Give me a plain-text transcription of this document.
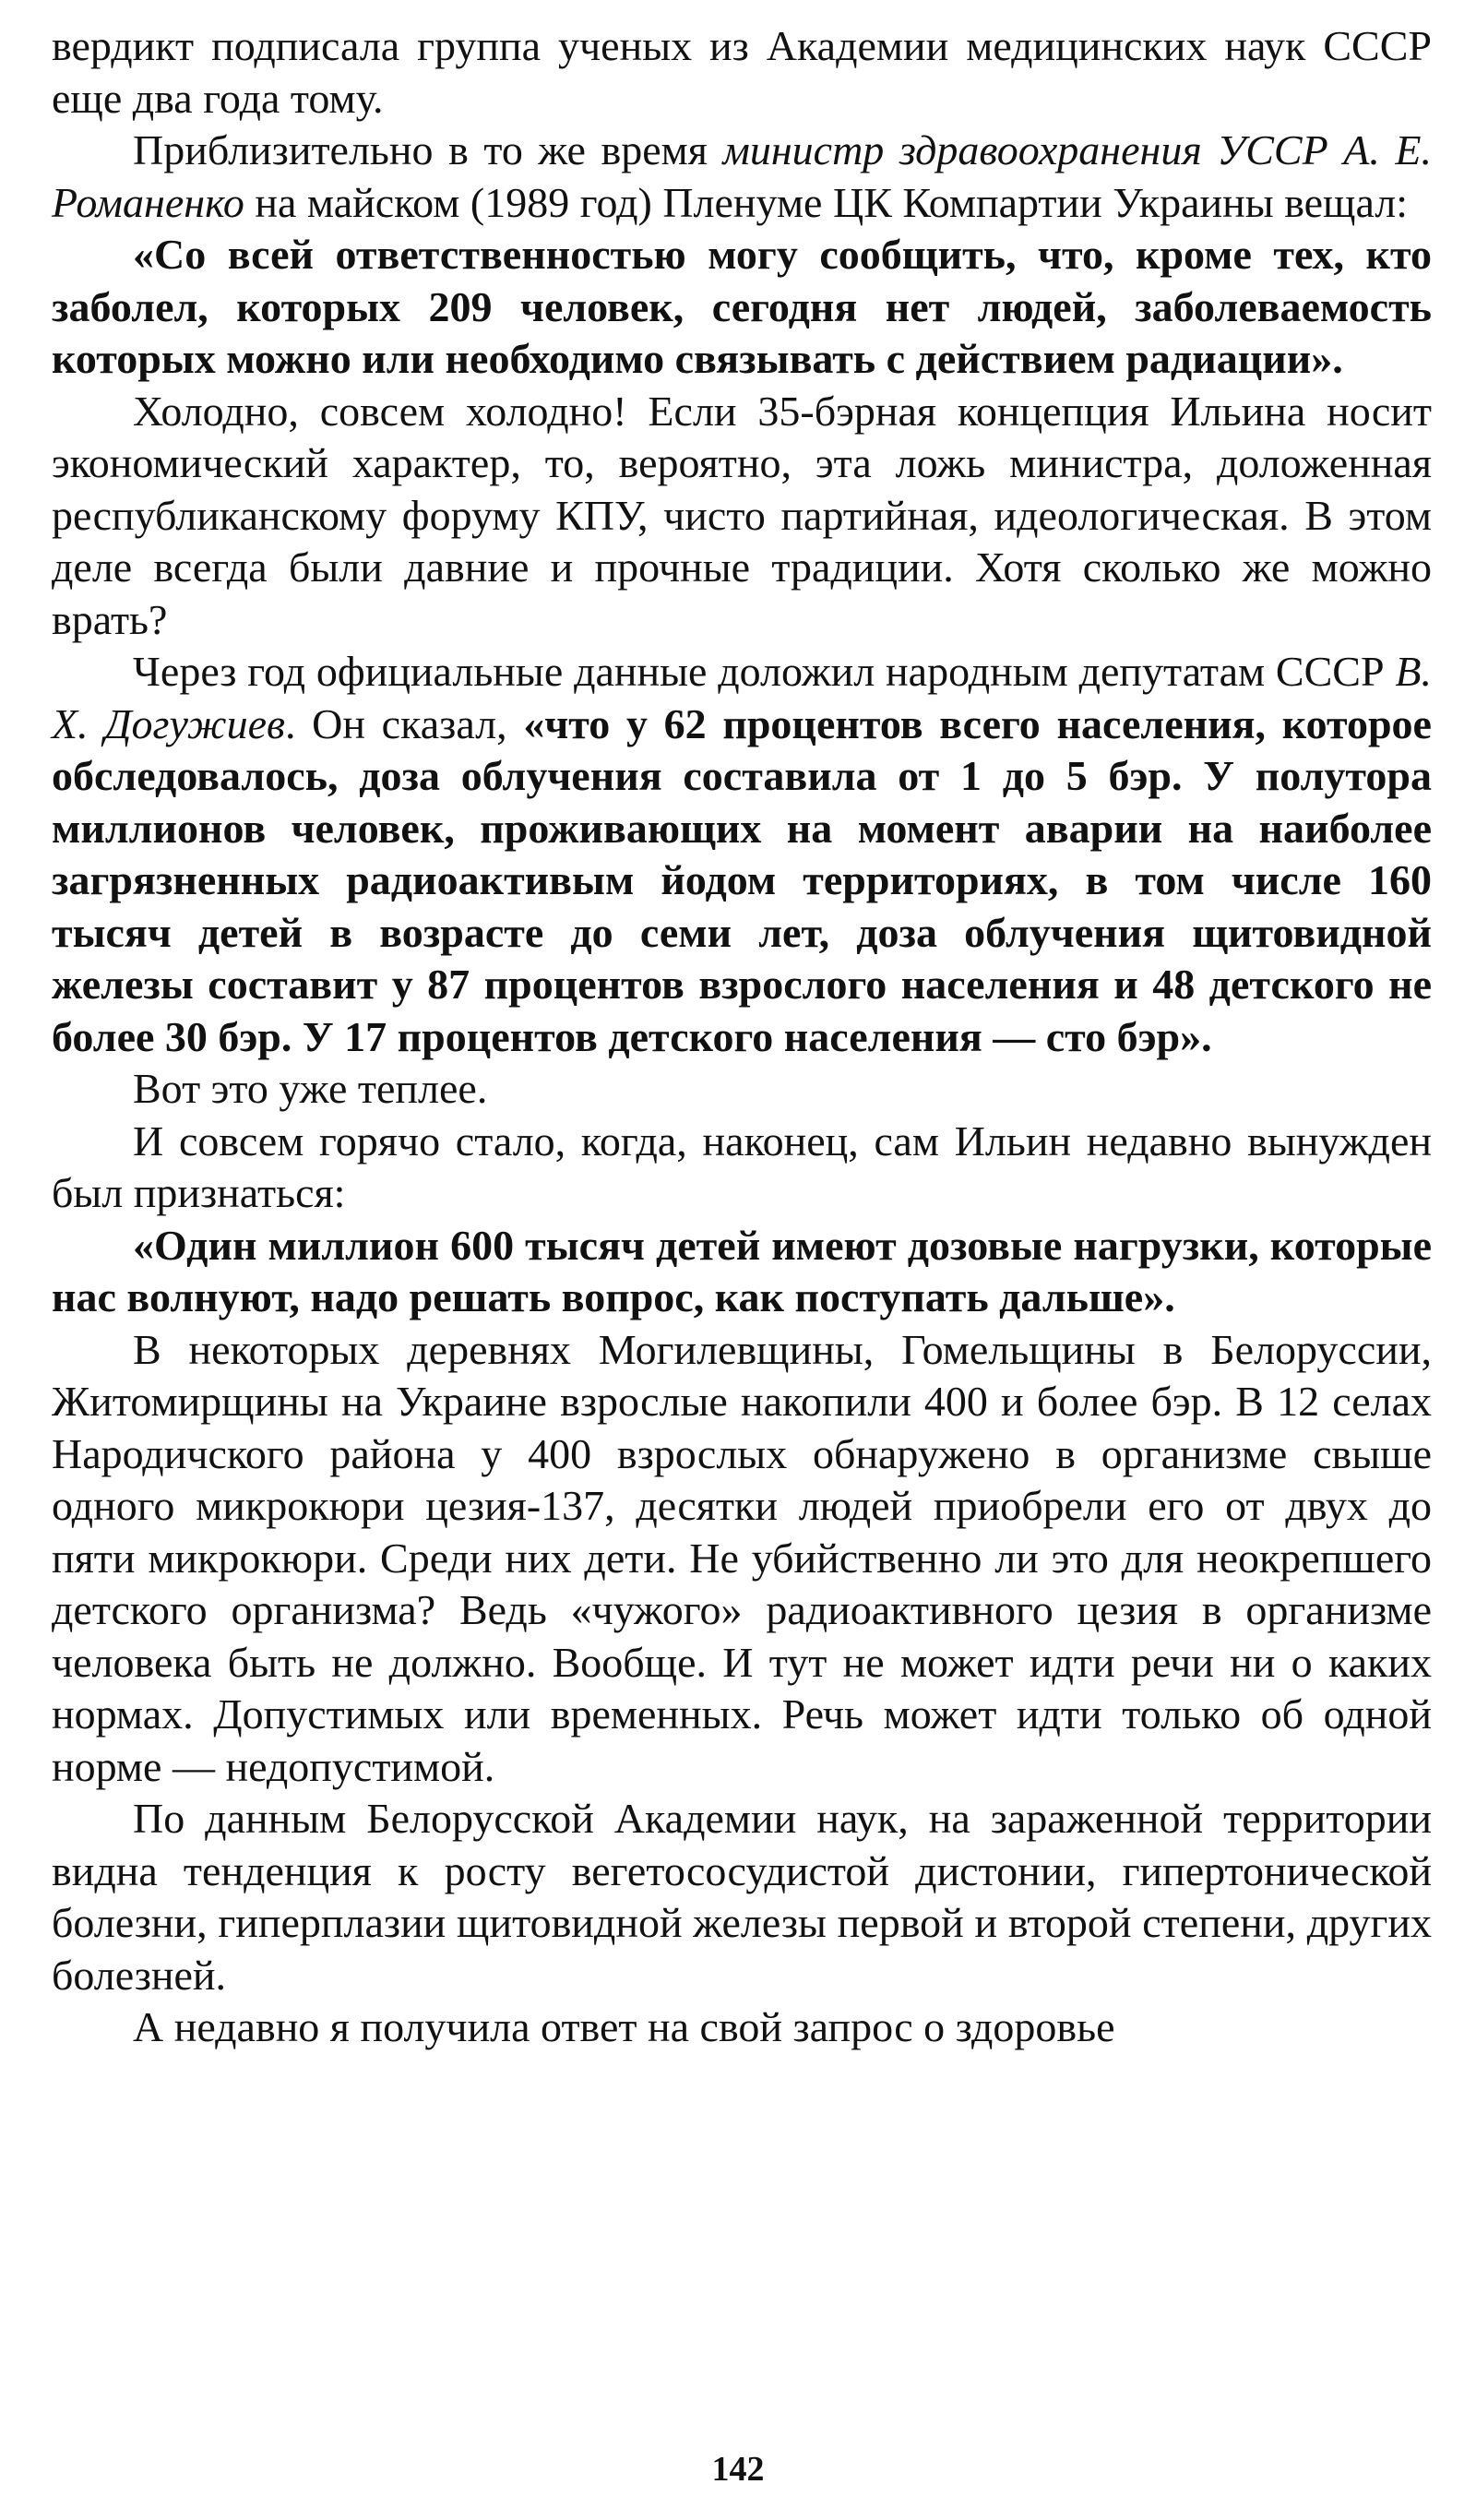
вердикт подписала группа ученых из Академии медицинских наук СССР еще два года тому.

Приблизительно в то же время министр здравоохранения УССР А. Е. Романенко на майском (1989 год) Пленуме ЦК Компартии Украины вещал:

«Со всей ответственностью могу сообщить, что, кроме тех, кто заболел, которых 209 человек, сегодня нет людей, заболеваемость которых можно или необходимо связывать с действием радиации».

Холодно, совсем холодно! Если 35-бэрная концепция Ильина носит экономический характер, то, вероятно, эта ложь министра, доложенная республиканскому форуму КПУ, чисто партийная, идеологическая. В этом деле всегда были давние и прочные традиции. Хотя сколько же можно врать?

Через год официальные данные доложил народным депутатам СССР В. Х. Догужиев. Он сказал, «что у 62 процентов всего населения, которое обследовалось, доза облучения составила от 1 до 5 бэр. У полутора миллионов человек, проживающих на момент аварии на наиболее загрязненных радиоактивым йодом территориях, в том числе 160 тысяч детей в возрасте до семи лет, доза облучения щитовидной железы составит у 87 процентов взрослого населения и 48 детского не более 30 бэр. У 17 процентов детского населения — сто бэр».

Вот это уже теплее.

И совсем горячо стало, когда, наконец, сам Ильин недавно вынужден был признаться:

«Один миллион 600 тысяч детей имеют дозовые нагрузки, которые нас волнуют, надо решать вопрос, как поступать дальше».

В некоторых деревнях Могилевщины, Гомельщины в Белоруссии, Житомирщины на Украине взрослые накопили 400 и более бэр. В 12 селах Народичского района у 400 взрослых обнаружено в организме свыше одного микрокюри цезия-137, десятки людей приобрели его от двух до пяти микрокюри. Среди них дети. Не убийственно ли это для неокрепшего детского организма? Ведь «чужого» радиоактивного цезия в организме человека быть не должно. Вообще. И тут не может идти речи ни о каких нормах. Допустимых или временных. Речь может идти только об одной норме — недопустимой.

По данным Белорусской Академии наук, на зараженной территории видна тенденция к росту вегетососудистой дистонии, гипертонической болезни, гиперплазии щитовидной железы первой и второй степени, других болезней.

А недавно я получила ответ на свой запрос о здоровье

142
